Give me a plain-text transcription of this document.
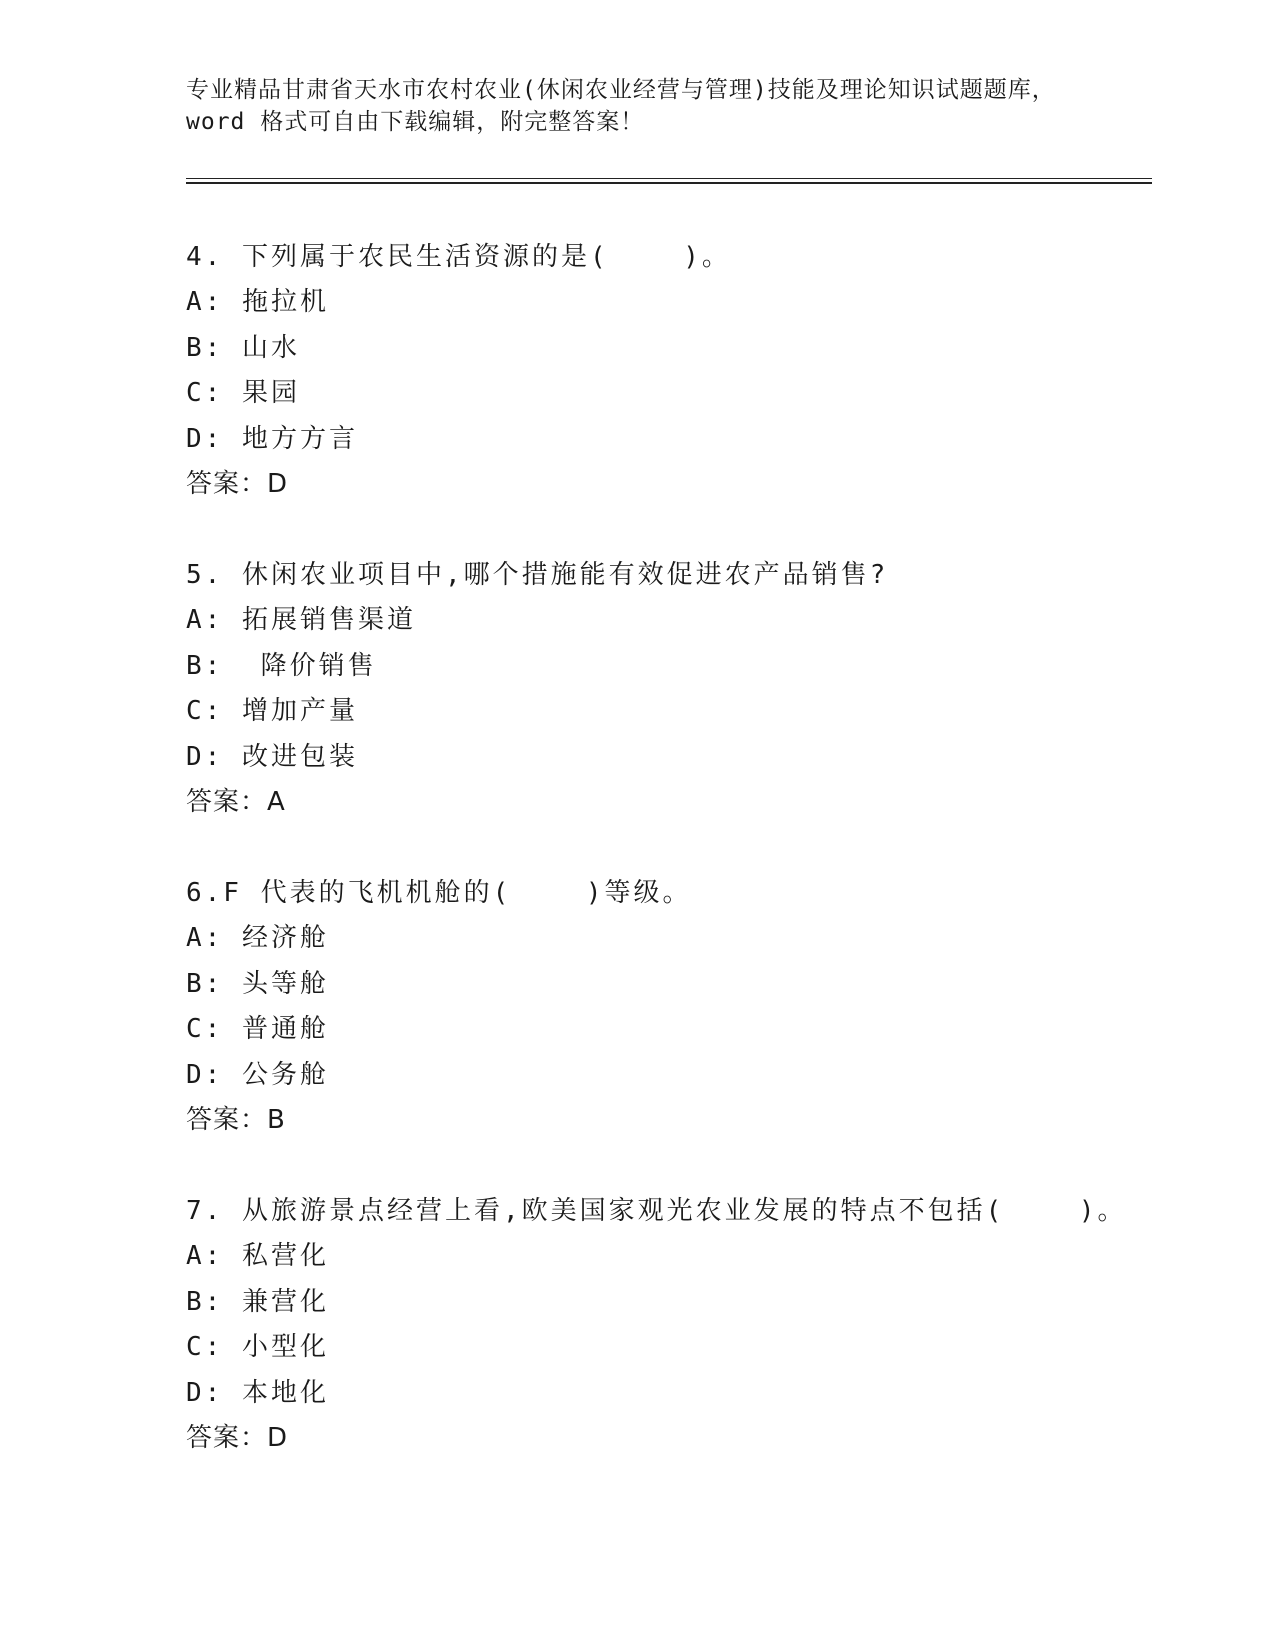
专业精品甘肃省天水市农村农业(休闲农业经营与管理)技能及理论知识试题题库，
word 格式可自由下载编辑，附完整答案！
4. 下列属于农民生活资源的是(    )。
A: 拖拉机
B: 山水
C: 果园
D: 地方方言
答案：D
5. 休闲农业项目中,哪个措施能有效促进农产品销售?
A: 拓展销售渠道
B:  降价销售
C: 增加产量
D: 改进包装
答案：A
6.F 代表的飞机机舱的(    )等级。
A: 经济舱
B: 头等舱
C: 普通舱
D: 公务舱
答案：B
7. 从旅游景点经营上看,欧美国家观光农业发展的特点不包括(    )。
A: 私营化
B: 兼营化
C: 小型化
D: 本地化
答案：D
